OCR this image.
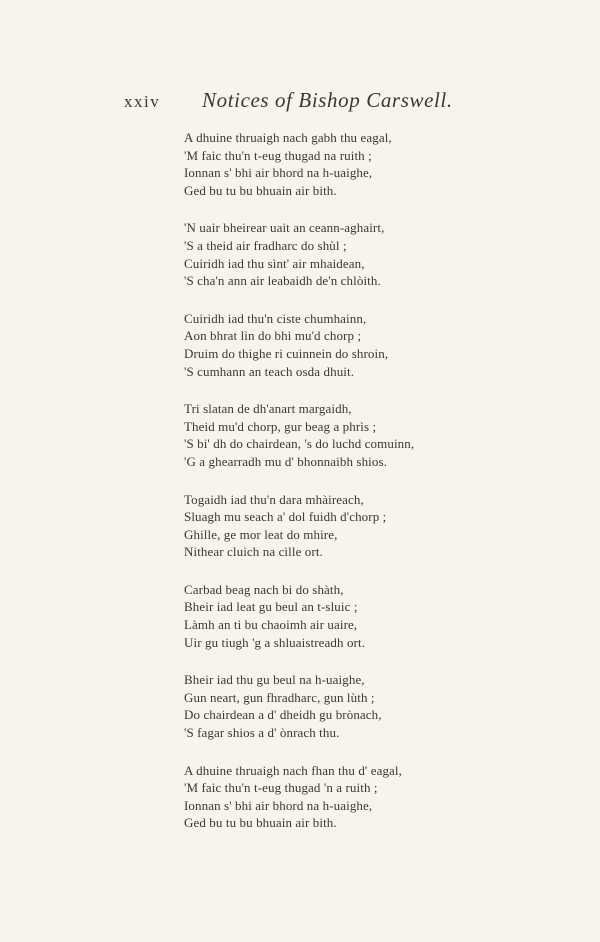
xxiv Notices of Bishop Carswell.
A dhuine thruaigh nach gabh thu eagal,
'M faic thu'n t-eug thugad na ruith ;
Ionnan s' bhi air bhord na h-uaighe,
Ged bu tu bu bhuain air bith.
'N uair bheirear uait an ceann-aghairt,
'S a theid air fradharc do shùl ;
Cuiridh iad thu sìnt' air mhaidean,
'S cha'n ann air leabaidh de'n chlòith.
Cuiridh iad thu'n ciste chumhainn,
Aon bhrat lìn do bhi mu'd chorp ;
Druim do thighe ri cuinnein do shroin,
'S cumhann an teach osda dhuit.
Tri slatan de dh'anart margaidh,
Theid mu'd chorp, gur beag a phrìs ;
'S bi' dh do chairdean, 's do luchd comuinn,
'G a ghearradh mu d' bhonnaibh shios.
Togaidh iad thu'n dara mhàireach,
Sluagh mu seach a' dol fuidh d'chorp ;
Ghille, ge mor leat do mhire,
Nithear cluich na cille ort.
Carbad beag nach bi do shàth,
Bheir iad leat gu beul an t-sluic ;
Làmh an ti bu chaoimh air uaire,
Uir gu tiugh 'g a shluaistreadh ort.
Bheir iad thu gu beul na h-uaighe,
Gun neart, gun fhradharc, gun lùth ;
Do chairdean a d' dheidh gu brònach,
'S fagar shios a d' ònrach thu.
A dhuine thruaigh nach fhan thu d' eagal,
'M faic thu'n t-eug thugad 'n a ruith ;
Ionnan s' bhi air bhord na h-uaighe,
Ged bu tu bu bhuain air bith.
